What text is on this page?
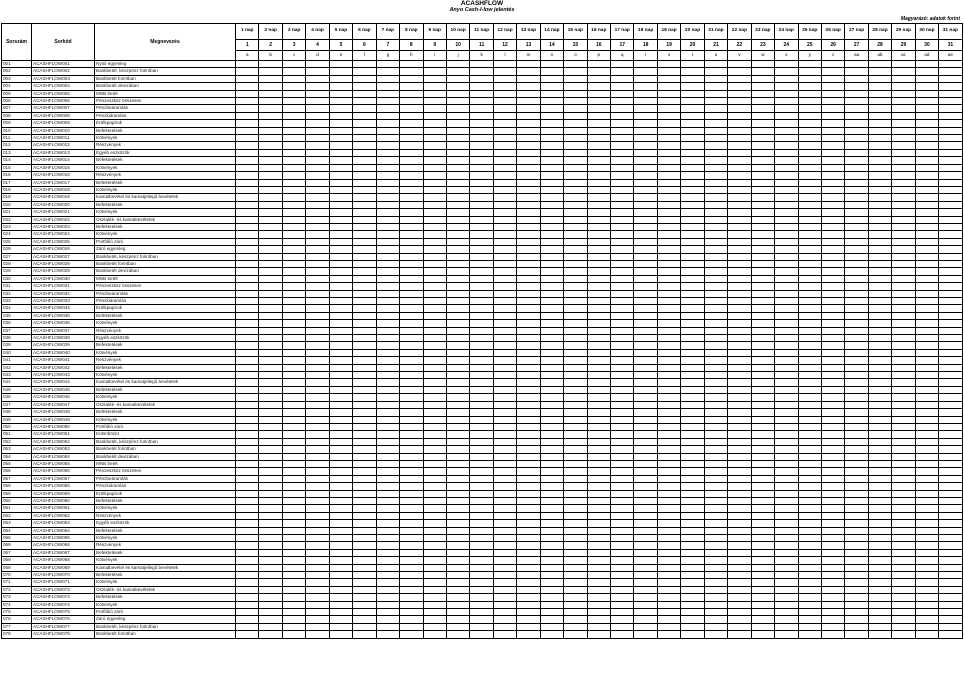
ACASHFLOW
Anyo Cash-I-low jelentés
Magyarázó: adatok forint
Sorszám	Sorkód	Megnevezés	1 nap	2 nap	3 nap	4 nap	5 nap	6 nap	7 nap	8 nap	9 nap	10 nap	11 nap	12 nap	13 nap	14 nap	15 nap	16 nap	17 nap	18 nap	19 nap	20 nap	21 nap	22 nap	23 nap	24 nap	25 nap	26 nap	27 nap	28 nap	29 nap	30 nap	31 nap
			1	2	3	4	5	6	7	8	9	10	11	12	13	14	15	16	17	18	19	20	21	22	23	24	25	26	27	28	29	30	31
			a	b	c	d	e	f	g	h	i	j	k	l	m	n	o	p	q	r	s	t	u	v	w	x	y	z	aa	ab	ac	ad	ae
001	ACASHFLOW001	Nyitó egyenleg																															
002	ACASHFLOW002	Bankbetét, készpénz forintban																															
003	ACASHFLOW003	Bankbetét forintban																															
004	ACASHFLOW004	Bankbetét devizában																															
005	ACASHFLOW005	MNB betét																															
006	ACASHFLOW006	Pénzeszköz összesen																															
007	ACASHFLOW007	Pénzbeáramlás																															
008	ACASHFLOW008	Pénzkiáramlás																															
009	ACASHFLOW009	Értékpapírok																															
010	ACASHFLOW010	Befektetések																															
011	ACASHFLOW011	Kötvények																															
012	ACASHFLOW012	Részvények																															
013	ACASHFLOW013	Egyéb eszközök																															
014	ACASHFLOW014	Befektetések																															
015	ACASHFLOW015	Kötvények																															
016	ACASHFLOW016	Részvények																															
017	ACASHFLOW017	Befektetések																															
018	ACASHFLOW018	Kötvények																															
019	ACASHFLOW019	Kamatbevétel és kamatjellegű bevételek																															
020	ACASHFLOW020	Befektetések																															
021	ACASHFLOW021	Kötvények																															
022	ACASHFLOW022	Osztalék- és kamatbevételek																															
023	ACASHFLOW023	Befektetések																															
024	ACASHFLOW024	Kötvények																															
025	ACASHFLOW025	Portfólió záró																															
026	ACASHFLOW026	Záró egyenleg																															
027	ACASHFLOW027	Bankbetét, készpénz forintban																															
028	ACASHFLOW028	Bankbetét forintban																															
029	ACASHFLOW029	Bankbetét devizában																															
030	ACASHFLOW030	MNB betét																															
031	ACASHFLOW031	Pénzeszköz összesen																															
032	ACASHFLOW032	Pénzbeáramlás																															
033	ACASHFLOW033	Pénzkiáramlás																															
034	ACASHFLOW034	Értékpapírok																															
035	ACASHFLOW035	Befektetések																															
036	ACASHFLOW036	Kötvények																															
037	ACASHFLOW037	Részvények																															
038	ACASHFLOW038	Egyéb eszközök																															
039	ACASHFLOW039	Befektetések																															
040	ACASHFLOW040	Kötvények																															
041	ACASHFLOW041	Részvények																															
042	ACASHFLOW042	Befektetések																															
043	ACASHFLOW043	Kötvények																															
044	ACASHFLOW044	Kamatbevétel és kamatjellegű bevételek																															
045	ACASHFLOW045	Befektetések																															
046	ACASHFLOW046	Kötvények																															
047	ACASHFLOW047	Osztalék- és kamatbevételek																															
048	ACASHFLOW048	Befektetések																															
049	ACASHFLOW049	Kötvények																															
050	ACASHFLOW050	Portfólió záró																															
051	ACASHFLOW051	Különbözet																															
052	ACASHFLOW052	Bankbetét, készpénz forintban																															
053	ACASHFLOW053	Bankbetét forintban																															
054	ACASHFLOW054	Bankbetét devizában																															
055	ACASHFLOW055	MNB betét																															
056	ACASHFLOW056	Pénzeszköz összesen																															
057	ACASHFLOW057	Pénzbeáramlás																															
058	ACASHFLOW058	Pénzkiáramlás																															
059	ACASHFLOW059	Értékpapírok																															
060	ACASHFLOW060	Befektetések																															
061	ACASHFLOW061	Kötvények																															
062	ACASHFLOW062	Részvények																															
063	ACASHFLOW063	Egyéb eszközök																															
064	ACASHFLOW064	Befektetések																															
065	ACASHFLOW065	Kötvények																															
066	ACASHFLOW066	Részvények																															
067	ACASHFLOW067	Befektetések																															
068	ACASHFLOW068	Kötvények																															
069	ACASHFLOW069	Kamatbevétel és kamatjellegű bevételek																															
070	ACASHFLOW070	Befektetések																															
071	ACASHFLOW071	Kötvények																															
072	ACASHFLOW072	Osztalék- és kamatbevételek																															
073	ACASHFLOW073	Befektetések																															
074	ACASHFLOW074	Kötvények																															
075	ACASHFLOW075	Portfólió záró																															
076	ACASHFLOW076	Záró egyenleg																															
077	ACASHFLOW077	Bankbetét, készpénz forintban																															
078	ACASHFLOW078	Bankbetét forintban																															
